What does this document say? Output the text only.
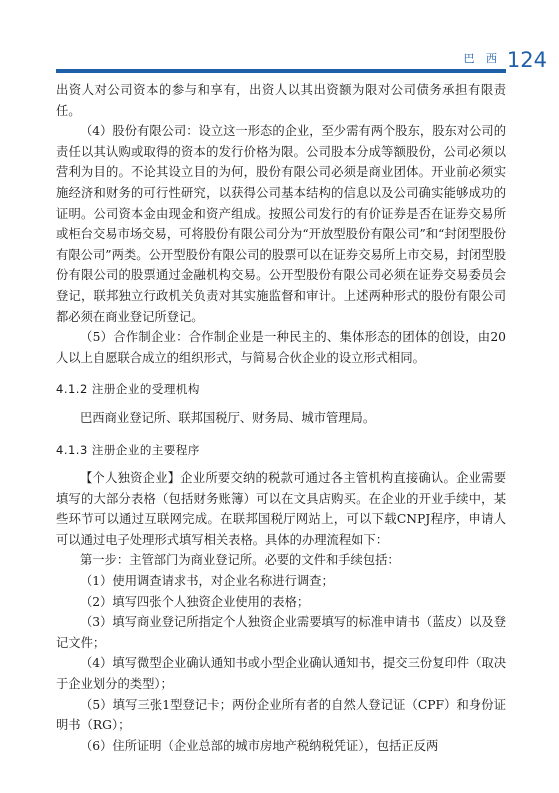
巴 西 124

出资人对公司资本的参与和享有，出资人以其出资额为限对公司债务承担有限责任。

（4）股份有限公司：设立这一形态的企业，至少需有两个股东，股东对公司的责任以其认购或取得的资本的发行价格为限。公司股本分成等额股份，公司必须以营利为目的。不论其设立目的为何，股份有限公司必须是商业团体。开业前必须实施经济和财务的可行性研究，以获得公司基本结构的信息以及公司确实能够成功的证明。公司资本金由现金和资产组成。按照公司发行的有价证券是否在证券交易所或柜台交易市场交易，可将股份有限公司分为“开放型股份有限公司”和“封闭型股份有限公司”两类。公开型股份有限公司的股票可以在证券交易所上市交易，封闭型股份有限公司的股票通过金融机构交易。公开型股份有限公司必须在证券交易委员会登记，联邦独立行政机关负责对其实施监督和审计。上述两种形式的股份有限公司都必须在商业登记所登记。

（5）合作制企业：合作制企业是一种民主的、集体形态的团体的创设，由20人以上自愿联合成立的组织形式，与简易合伙企业的设立形式相同。

4.1.2 注册企业的受理机构

巴西商业登记所、联邦国税厅、财务局、城市管理局。

4.1.3 注册企业的主要程序

【个人独资企业】企业所要交纳的税款可通过各主管机构直接确认。企业需要填写的大部分表格（包括财务账簿）可以在文具店购买。在企业的开业手续中，某些环节可以通过互联网完成。在联邦国税厅网站上，可以下载CNPJ程序，申请人可以通过电子处理形式填写相关表格。具体的办理流程如下：

第一步：主管部门为商业登记所。必要的文件和手续包括：

（1）使用调查请求书，对企业名称进行调查；

（2）填写四张个人独资企业使用的表格；

（3）填写商业登记所指定个人独资企业需要填写的标准申请书（蓝皮）以及登记文件；

（4）填写微型企业确认通知书或小型企业确认通知书，提交三份复印件（取决于企业划分的类型）；

（5）填写三张1型登记卡；两份企业所有者的自然人登记证（CPF）和身份证明书（RG）；

（6）住所证明（企业总部的城市房地产税纳税凭证），包括正反两
